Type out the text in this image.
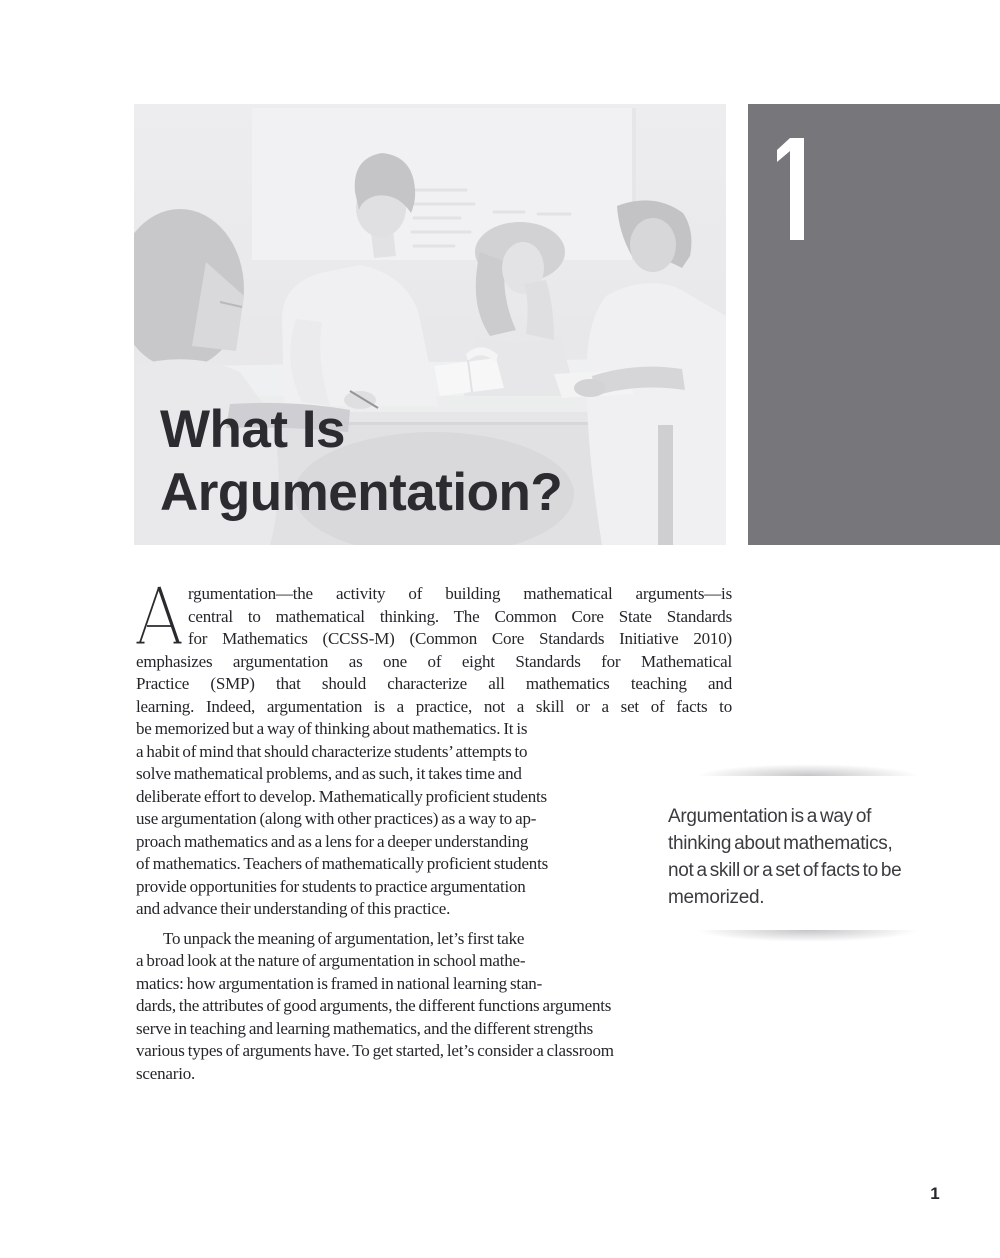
What Is
Argumentation?
rgumentation—the activity of building mathematical arguments—is
central to mathematical thinking. The Common Core State Standards
for Mathematics (CCSS-M) (Common Core Standards Initiative 2010)
emphasizes argumentation as one of eight Standards for Mathematical
Practice (SMP) that should characterize all mathematics teaching and
learning. Indeed, argumentation is a practice, not a skill or a set of facts to
be memorized but a way of thinking about mathematics. It is
a habit of mind that should characterize students’ attempts to
solve mathematical problems, and as such, it takes time and
deliberate effort to develop. Mathematically proficient students
use argumentation (along with other practices) as a way to ap-
proach mathematics and as a lens for a deeper understanding
of mathematics. Teachers of mathematically proficient students
provide opportunities for students to practice argumentation
and advance their understanding of this practice.
To unpack the meaning of argumentation, let’s first take
a broad look at the nature of argumentation in school mathe-
matics: how argumentation is framed in national learning stan-
dards, the attributes of good arguments, the different functions arguments
serve in teaching and learning mathematics, and the different strengths
various types of arguments have. To get started, let’s consider a classroom
scenario.
Argumentation is a way of
thinking about mathematics,
not a skill or a set of facts to be
memorized.
1
